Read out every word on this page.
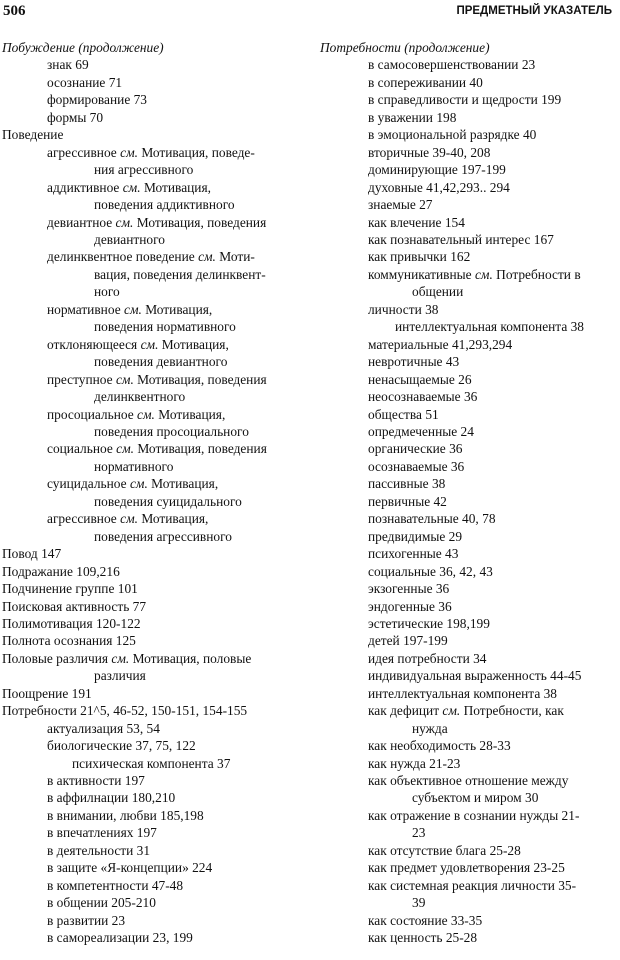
506	ПРЕДМЕТНЫЙ УКАЗАТЕЛЬ
Побуждение (продолжение)
знак 69
осознание 71
формирование 73
формы 70
Поведение
агрессивное см. Мотивация, поведе-
ния агрессивного
аддиктивное см. Мотивация,
поведения аддиктивного
девиантное см. Мотивация, поведения
девиантного
делинквентное поведение см. Моти-
вация, поведения делинквент-
ного
нормативное см. Мотивация,
поведения нормативного
отклоняющееся см. Мотивация,
поведения девиантного
преступное см. Мотивация, поведения
делинквентного
просоциальное см. Мотивация,
поведения просоциального
социальное см. Мотивация, поведения
нормативного
суицидальное см. Мотивация,
поведения суицидального
агрессивное см. Мотивация,
поведения агрессивного
Повод 147
Подражание 109,216
Подчинение группе 101
Поисковая активность 77
Полимотивация 120-122
Полнота осознания 125
Половые различия см. Мотивация, половые
различия
Поощрение 191
Потребности 21^5, 46-52, 150-151, 154-155
актуализация 53, 54
биологические 37, 75, 122
психическая компонента 37
в активности 197
в аффилнации 180,210
в внимании, любви 185,198
в впечатлениях 197
в деятельности 31
в защите «Я-концепции» 224
в компетентности 47-48
в общении 205-210
в развитии 23
в самореализации 23, 199
Потребности (продолжение)
в самосовершенствовании 23
в сопереживании 40
в справедливости и щедрости 199
в уважении 198
в эмоциональной разрядке 40
вторичные 39-40, 208
доминирующие 197-199
духовные 41,42,293.. 294
знаемые 27
как влечение 154
как познавательный интерес 167
как привычки 162
коммуникативные см. Потребности в
общении
личности 38
интеллектуальная компонента 38
материальные 41,293,294
невротичные 43
ненасыщаемые 26
неосознаваемые 36
общества 51
опредмеченные 24
органические 36
осознаваемые 36
пассивные 38
первичные 42
познавательные 40, 78
предвидимые 29
психогенные 43
социальные 36, 42, 43
экзогенные 36
эндогенные 36
эстетические 198,199
детей 197-199
идея потребности 34
индивидуальная выраженность 44-45
интеллектуальная компонента 38
как дефицит см. Потребности, как
нужда
как необходимость 28-33
как нужда 21-23
как объективное отношение между
субъектом и миром 30
как отражение в сознании нужды 21-
23
как отсутствие блага 25-28
как предмет удовлетворения 23-25
как системная реакция личности 35-
39
как состояние 33-35
как ценность 25-28
